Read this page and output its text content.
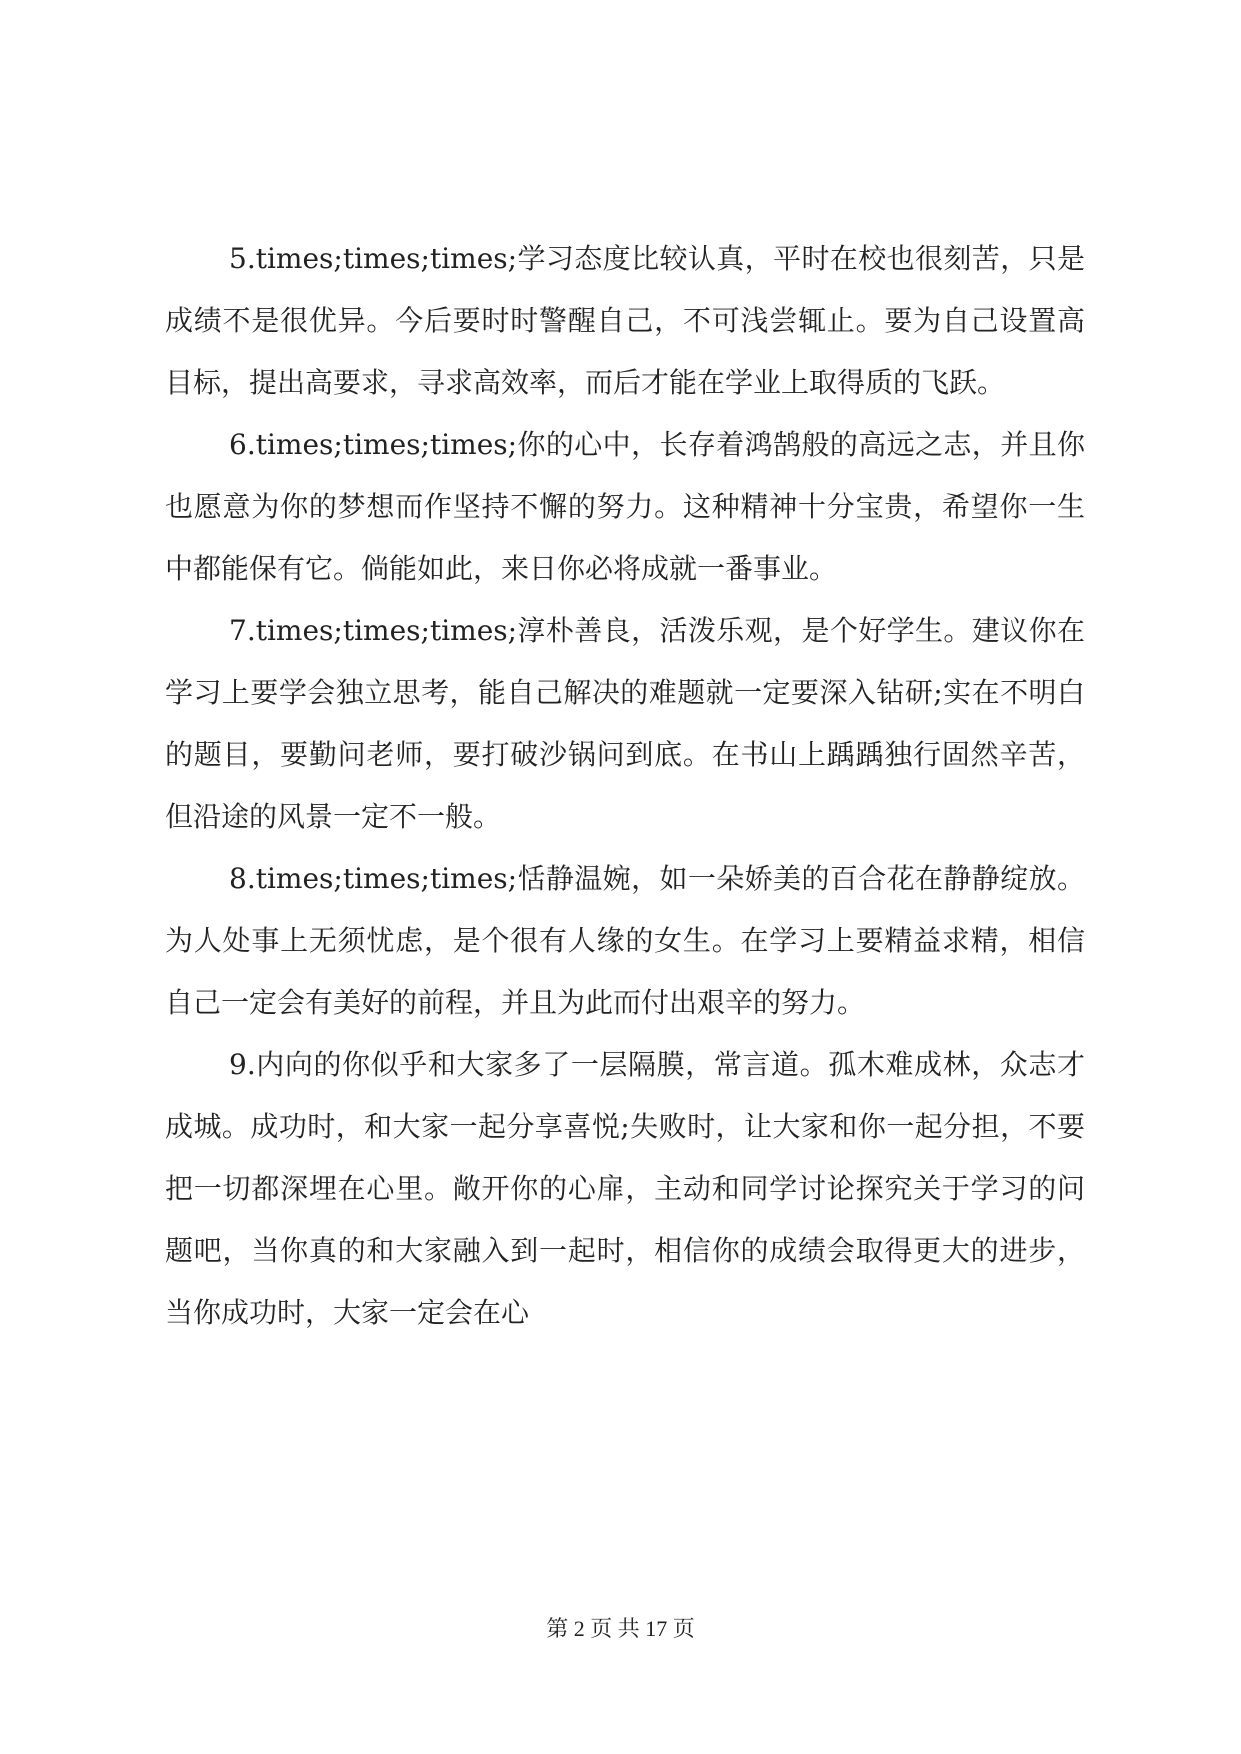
5.times;times;times;学习态度比较认真，平时在校也很刻苦，只是成绩不是很优异。今后要时时警醒自己，不可浅尝辄止。要为自己设置高目标，提出高要求，寻求高效率，而后才能在学业上取得质的飞跃。

6.times;times;times;你的心中，长存着鸿鹄般的高远之志，并且你也愿意为你的梦想而作坚持不懈的努力。这种精神十分宝贵，希望你一生中都能保有它。倘能如此，来日你必将成就一番事业。

7.times;times;times;淳朴善良，活泼乐观，是个好学生。建议你在学习上要学会独立思考，能自己解决的难题就一定要深入钻研;实在不明白的题目，要勤问老师，要打破沙锅问到底。在书山上踽踽独行固然辛苦，但沿途的风景一定不一般。

8.times;times;times;恬静温婉，如一朵娇美的百合花在静静绽放。为人处事上无须忧虑，是个很有人缘的女生。在学习上要精益求精，相信自己一定会有美好的前程，并且为此而付出艰辛的努力。

9.内向的你似乎和大家多了一层隔膜，常言道。孤木难成林，众志才成城。成功时，和大家一起分享喜悦;失败时，让大家和你一起分担，不要把一切都深埋在心里。敞开你的心扉，主动和同学讨论探究关于学习的问题吧，当你真的和大家融入到一起时，相信你的成绩会取得更大的进步，当你成功时，大家一定会在心

第 2 页 共 17 页
